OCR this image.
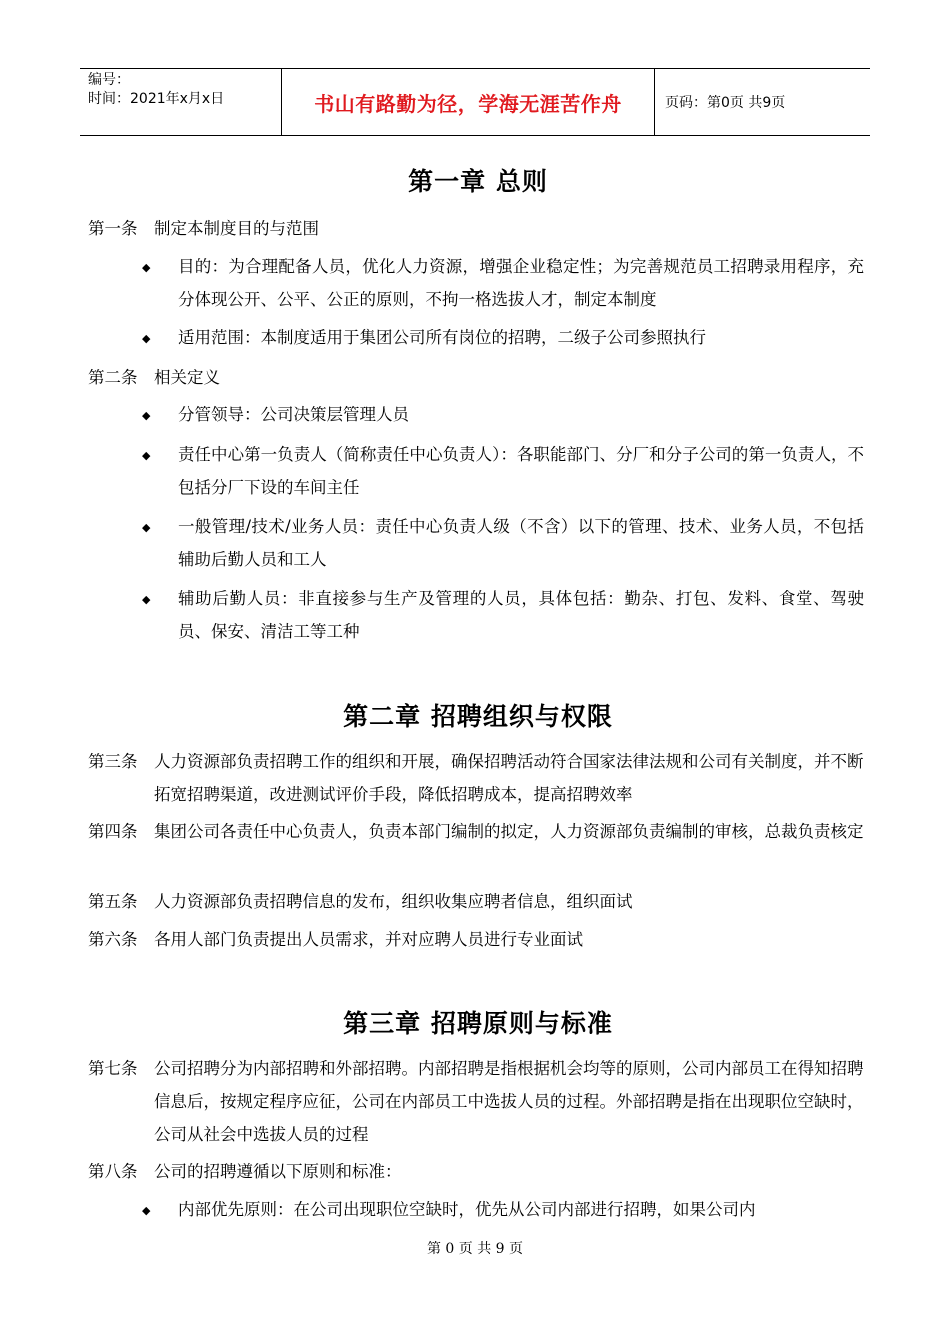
编号：
时间：2021年x月x日	书山有路勤为径，学海无涯苦作舟	页码：第0页 共9页
第一章 总则
第一条	制定本制度目的与范围
◆	目的：为合理配备人员，优化人力资源，增强企业稳定性；为完善规范员工招聘录用程序，充分体现公开、公平、公正的原则，不拘一格选拔人才，制定本制度
◆	适用范围：本制度适用于集团公司所有岗位的招聘，二级子公司参照执行
第二条	相关定义
◆	分管领导：公司决策层管理人员
◆	责任中心第一负责人（简称责任中心负责人）：各职能部门、分厂和分子公司的第一负责人，不包括分厂下设的车间主任
◆	一般管理/技术/业务人员：责任中心负责人级（不含）以下的管理、技术、业务人员，不包括辅助后勤人员和工人
◆	辅助后勤人员：非直接参与生产及管理的人员，具体包括：勤杂、打包、发料、食堂、驾驶员、保安、清洁工等工种
第二章 招聘组织与权限
第三条	人力资源部负责招聘工作的组织和开展，确保招聘活动符合国家法律法规和公司有关制度，并不断拓宽招聘渠道，改进测试评价手段，降低招聘成本，提高招聘效率
第四条	集团公司各责任中心负责人，负责本部门编制的拟定，人力资源部负责编制的审核，总裁负责核定
第五条	人力资源部负责招聘信息的发布，组织收集应聘者信息，组织面试
第六条	各用人部门负责提出人员需求，并对应聘人员进行专业面试
第三章 招聘原则与标准
第七条	公司招聘分为内部招聘和外部招聘。内部招聘是指根据机会均等的原则，公司内部员工在得知招聘信息后，按规定程序应征，公司在内部员工中选拔人员的过程。外部招聘是指在出现职位空缺时，公司从社会中选拔人员的过程
第八条	公司的招聘遵循以下原则和标准：
◆	内部优先原则：在公司出现职位空缺时，优先从公司内部进行招聘，如果公司内
第 0 页 共 9 页
